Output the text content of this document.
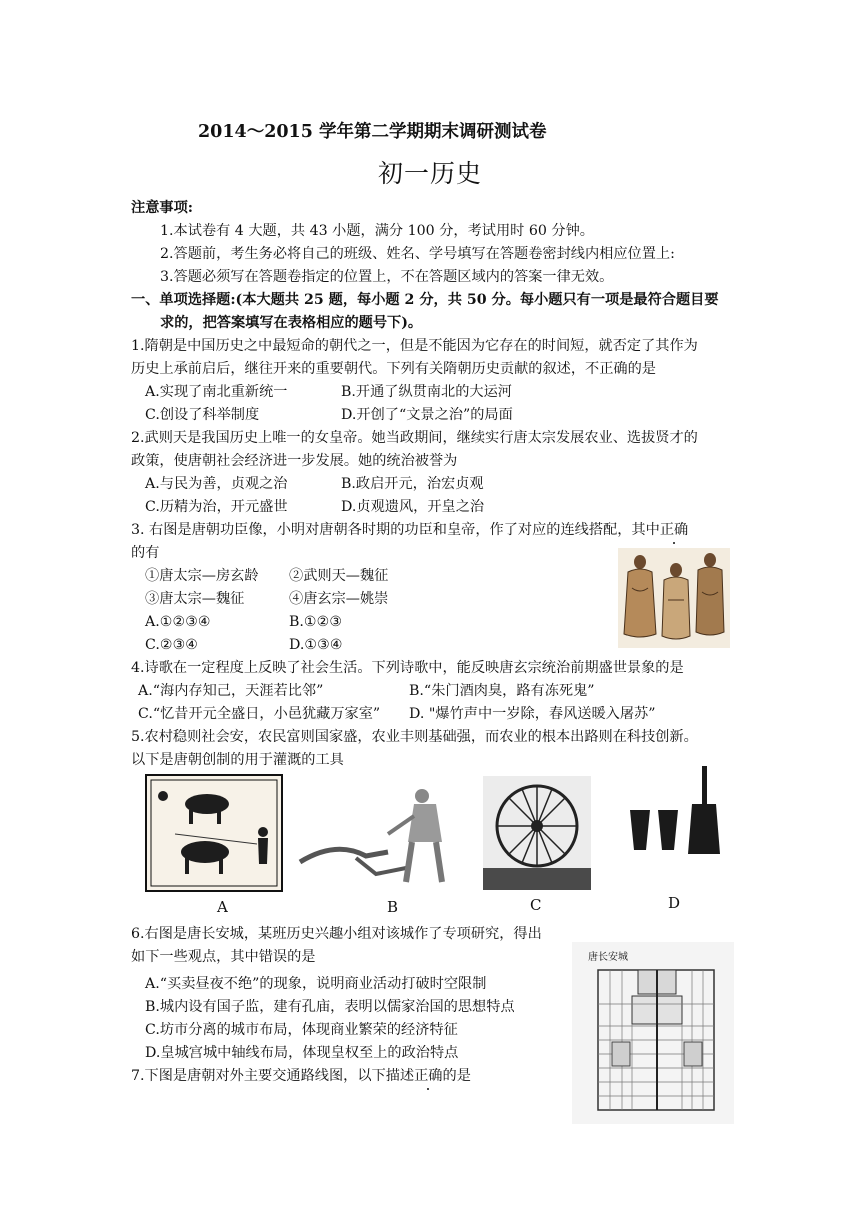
2014～2015 学年第二学期期末调研测试卷
初一历史
注意事项:
1.本试卷有 4 大题，共 43 小题，满分 100 分，考试用时 60 分钟。
2.答题前，考生务必将自己的班级、姓名、学号填写在答题卷密封线内相应位置上:
3.答题必须写在答题卷指定的位置上，不在答题区域内的答案一律无效。
一、单项选择题:(本大题共 25 题，每小题 2 分，共 50 分。每小题只有一项是最符合题目要
求的，把答案填写在表格相应的题号下)。
1.隋朝是中国历史之中最短命的朝代之一，但是不能因为它存在的时间短，就否定了其作为
历史上承前启后，继往开来的重要朝代。下列有关隋朝历史贡献的叙述，不正确的是
A.实现了南北重新统一	B.开通了纵贯南北的大运河
C.创设了科举制度	D.开创了“文景之治”的局面
2.武则天是我国历史上唯一的女皇帝。她当政期间，继续实行唐太宗发展农业、选拔贤才的
政策，使唐朝社会经济进一步发展。她的统治被誉为
A.与民为善，贞观之治	B.政启开元，治宏贞观
C.历精为治，开元盛世	D.贞观遗风，开皇之治
3. 右图是唐朝功臣像，小明对唐朝各时期的功臣和皇帝，作了对应的连线搭配，其中正确
的有
①唐太宗—房玄龄 ②武则天—魏征
③唐太宗—魏征	④唐玄宗—姚崇
A.①②③④	B.①②③
C.②③④	D.①③④
4.诗歌在一定程度上反映了社会生活。下列诗歌中，能反映唐玄宗统治前期盛世景象的是
A.“海内存知己，天涯若比邻”	B.“朱门酒肉臭，路有冻死鬼”
C.“忆昔开元全盛日，小邑犹藏万家室” D. "爆竹声中一岁除，春风送暖入屠苏”
5.农村稳则社会安，农民富则国家盛，农业丰则基础强，而农业的根本出路则在科技创新。
以下是唐朝创制的用于灌溉的工具
A	B	C	D
6.右图是唐长安城，某班历史兴趣小组对该城作了专项研究，得出
如下一些观点，其中错误的是
A.“买卖昼夜不绝”的现象，说明商业活动打破时空限制
B.城内设有国子监，建有孔庙，表明以儒家治国的思想特点
C.坊市分离的城市布局，体现商业繁荣的经济特征
D.皇城宫城中轴线布局，体现皇权至上的政治特点
唐长安城
7.下图是唐朝对外主要交通路线图，以下描述正确的是
